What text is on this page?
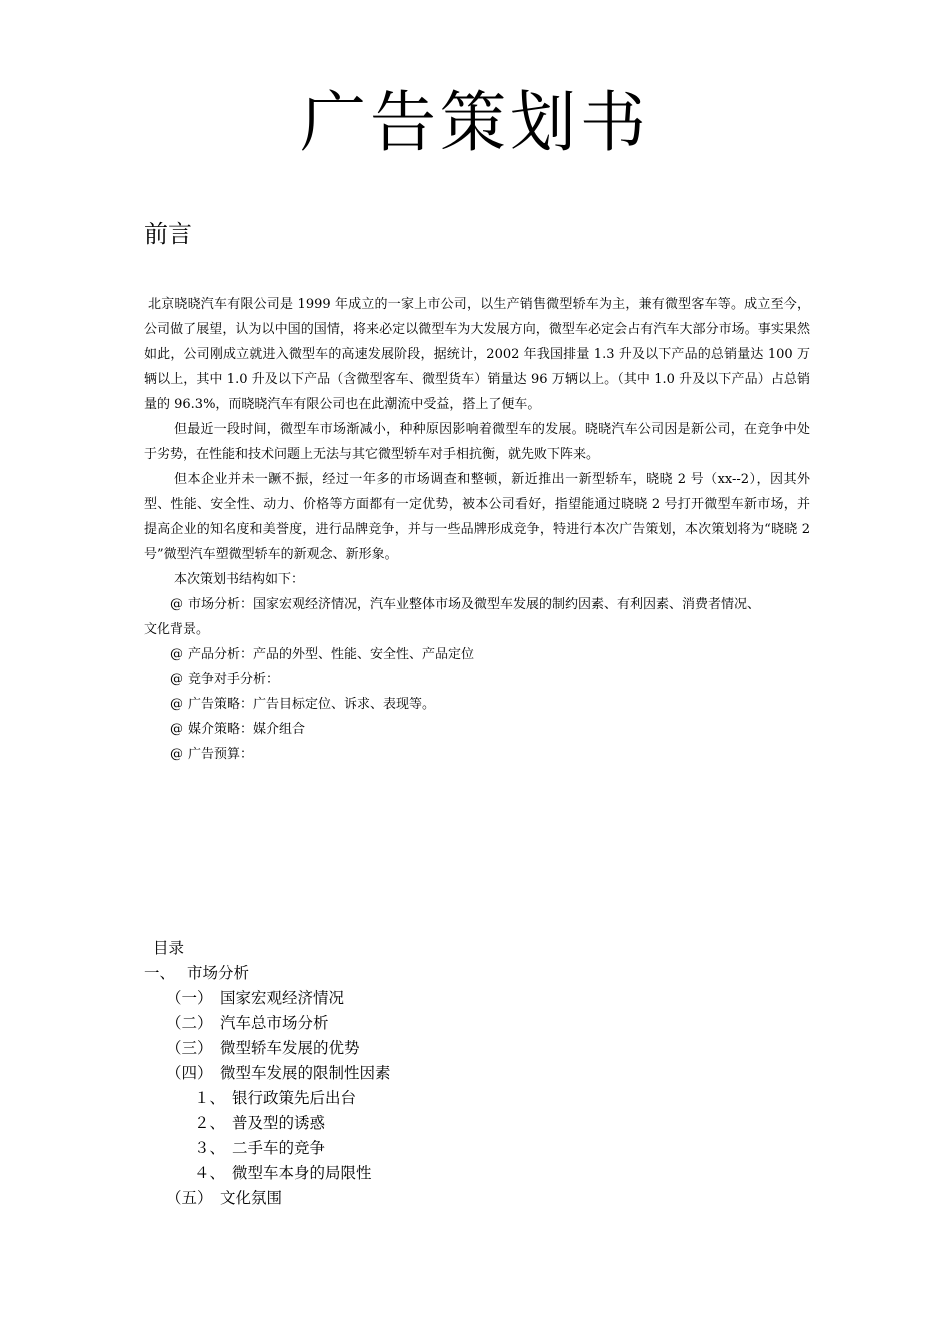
广告策划书
前言

北京晓晓汽车有限公司是 1999 年成立的一家上市公司，以生产销售微型轿车为主，兼有微型客车等。成立至今，公司做了展望，认为以中国的国情，将来必定以微型车为大发展方向，微型车必定会占有汽车大部分市场。事实果然如此，公司刚成立就进入微型车的高速发展阶段，据统计，2002 年我国排量 1.3 升及以下产品的总销量达 100 万辆以上，其中 1.0 升及以下产品（含微型客车、微型货车）销量达 96 万辆以上。（其中 1.0 升及以下产品）占总销量的 96.3%，而晓晓汽车有限公司也在此潮流中受益，搭上了便车。

但最近一段时间，微型车市场渐减小，种种原因影响着微型车的发展。晓晓汽车公司因是新公司，在竞争中处于劣势，在性能和技术问题上无法与其它微型轿车对手相抗衡，就先败下阵来。

但本企业并未一蹶不振，经过一年多的市场调查和整顿，新近推出一新型轿车，晓晓 2 号（xx--2），因其外型、性能、安全性、动力、价格等方面都有一定优势，被本公司看好，指望能通过晓晓 2 号打开微型车新市场，并提高企业的知名度和美誉度，进行品牌竞争，并与一些品牌形成竞争，特进行本次广告策划，本次策划将为“晓晓 2 号”微型汽车塑微型轿车的新观念、新形象。

本次策划书结构如下：

@ 市场分析：国家宏观经济情况，汽车业整体市场及微型车发展的制约因素、有利因素、消费者情况、
文化背景。
@ 产品分析：产品的外型、性能、安全性、产品定位
@ 竞争对手分析：
@ 广告策略：广告目标定位、诉求、表现等。
@ 媒介策略：媒介组合
@ 广告预算：
目录
一、 市场分析
（一） 国家宏观经济情况
（二） 汽车总市场分析
（三） 微型轿车发展的优势
（四） 微型车发展的限制性因素
１、 银行政策先后出台
２、 普及型的诱惑
３、 二手车的竞争
４、 微型车本身的局限性
（五） 文化氛围
